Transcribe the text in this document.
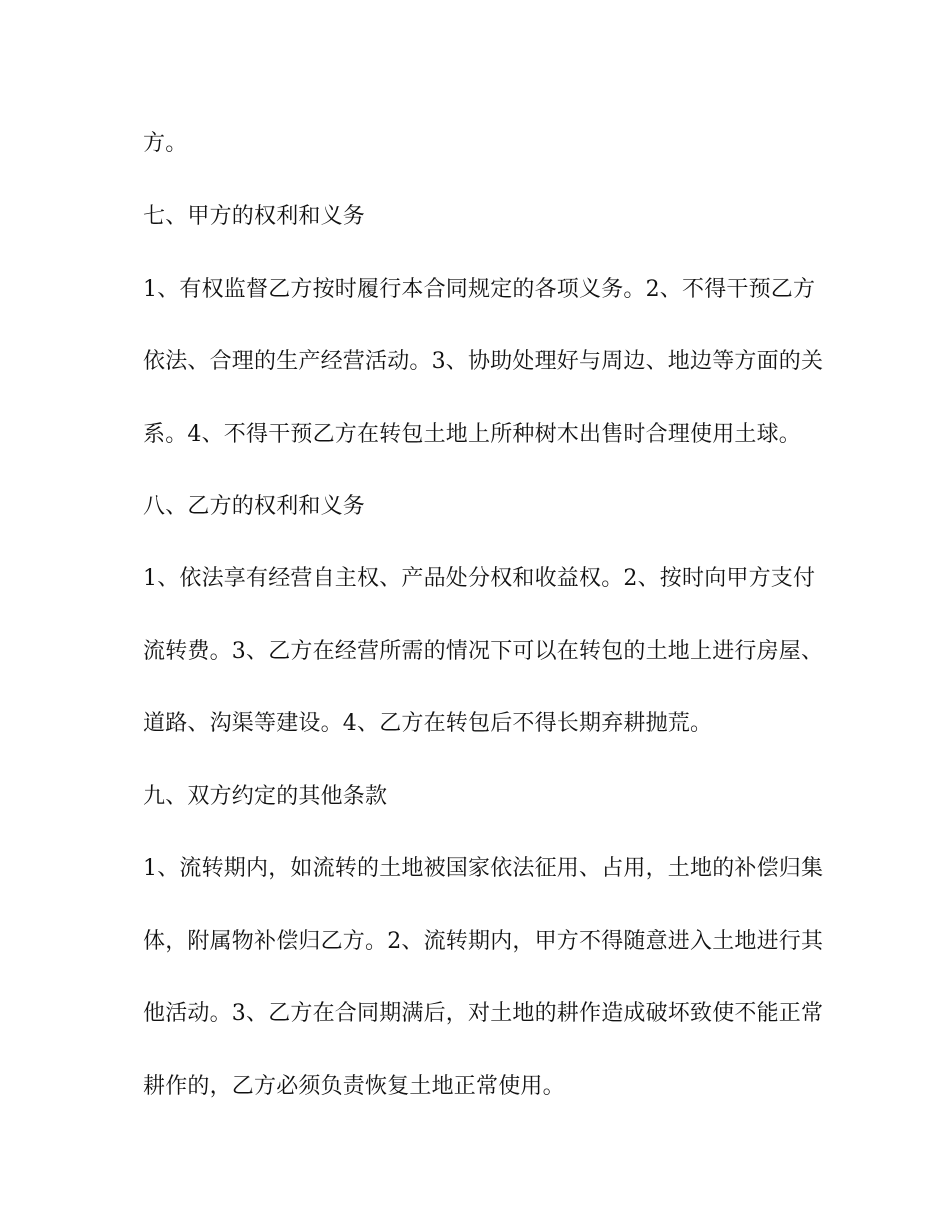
方。
七、甲方的权利和义务
1、有权监督乙方按时履行本合同规定的各项义务。2、不得干预乙方
依法、合理的生产经营活动。3、协助处理好与周边、地边等方面的关
系。4、不得干预乙方在转包土地上所种树木出售时合理使用土球。
八、乙方的权利和义务
1、依法享有经营自主权、产品处分权和收益权。2、按时向甲方支付
流转费。3、乙方在经营所需的情况下可以在转包的土地上进行房屋、
道路、沟渠等建设。4、乙方在转包后不得长期弃耕抛荒。
九、双方约定的其他条款
1、流转期内，如流转的土地被国家依法征用、占用，土地的补偿归集
体，附属物补偿归乙方。2、流转期内，甲方不得随意进入土地进行其
他活动。3、乙方在合同期满后，对土地的耕作造成破坏致使不能正常
耕作的，乙方必须负责恢复土地正常使用。
